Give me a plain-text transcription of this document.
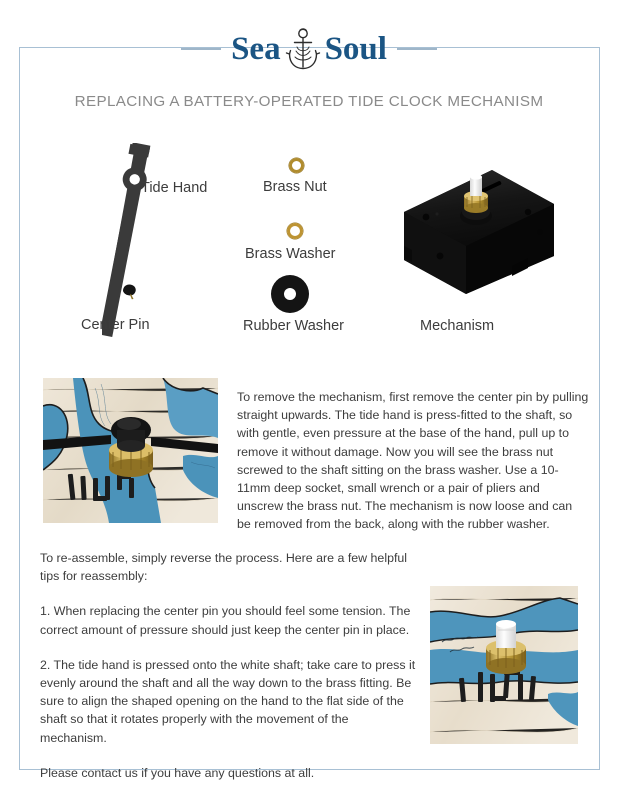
Sea Soul
REPLACING A BATTERY-OPERATED TIDE CLOCK MECHANISM
Tide Hand
Center Pin
Brass Nut
Brass Washer
Rubber Washer	Mechanism
To remove the mechanism, first remove the center pin by pulling straight upwards. The tide hand is press-fitted to the shaft, so with gentle, even pressure at the base of the hand, pull up to remove it without damage. Now you will see the brass nut screwed to the shaft sitting on the brass washer. Use a 10-11mm deep socket, small wrench or a pair of pliers and unscrew the brass nut. The mechanism is now loose and can be removed from the back, along with the rubber washer.

To re-assemble, simply reverse the process. Here are a few helpful tips for reassembly:

1. When replacing the center pin you should feel some tension. The correct amount of pressure should just keep the center pin in place.

2. The tide hand is pressed onto the white shaft; take care to press it evenly around the shaft and all the way down to the brass fitting. Be sure to align the shaped opening on the hand to the flat side of the shaft so that it rotates properly with the movement of the mechanism.

Please contact us if you have any questions at all.
